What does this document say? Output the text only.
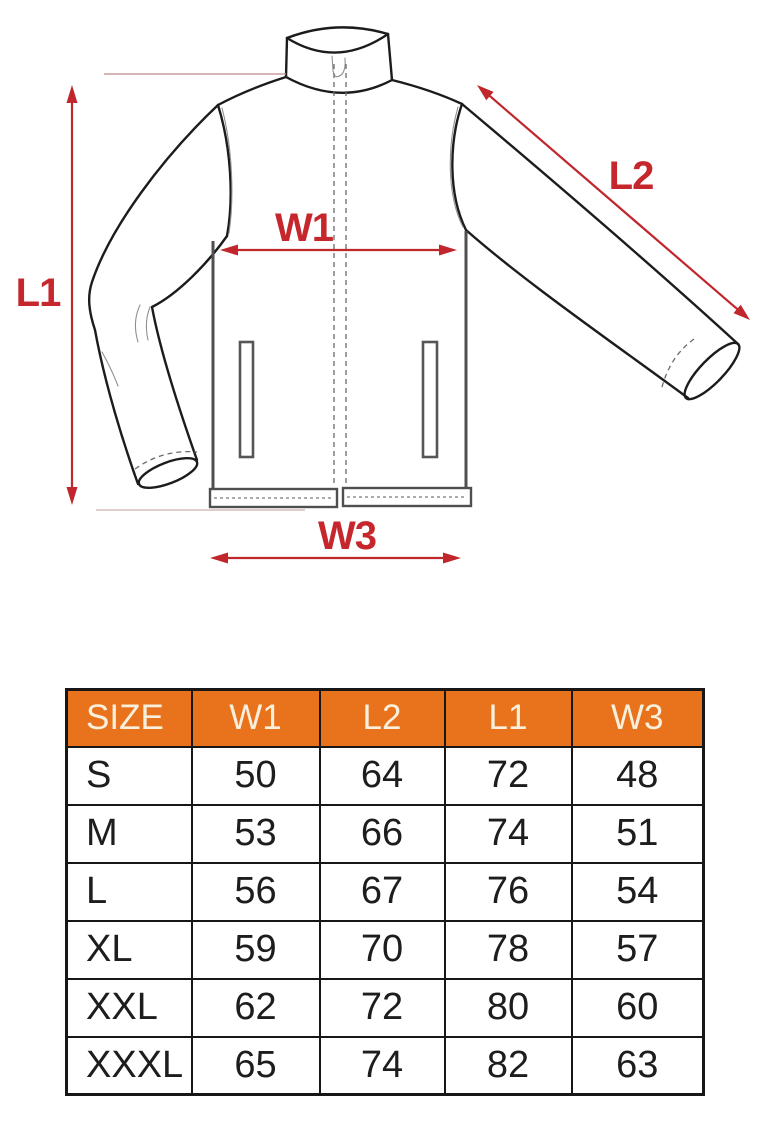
L1
W1
L2
W3
SIZE	W1	L2	L1	W3
S	50	64	72	48
M	53	66	74	51
L	56	67	76	54
XL	59	70	78	57
XXL	62	72	80	60
XXXL	65	74	82	63
